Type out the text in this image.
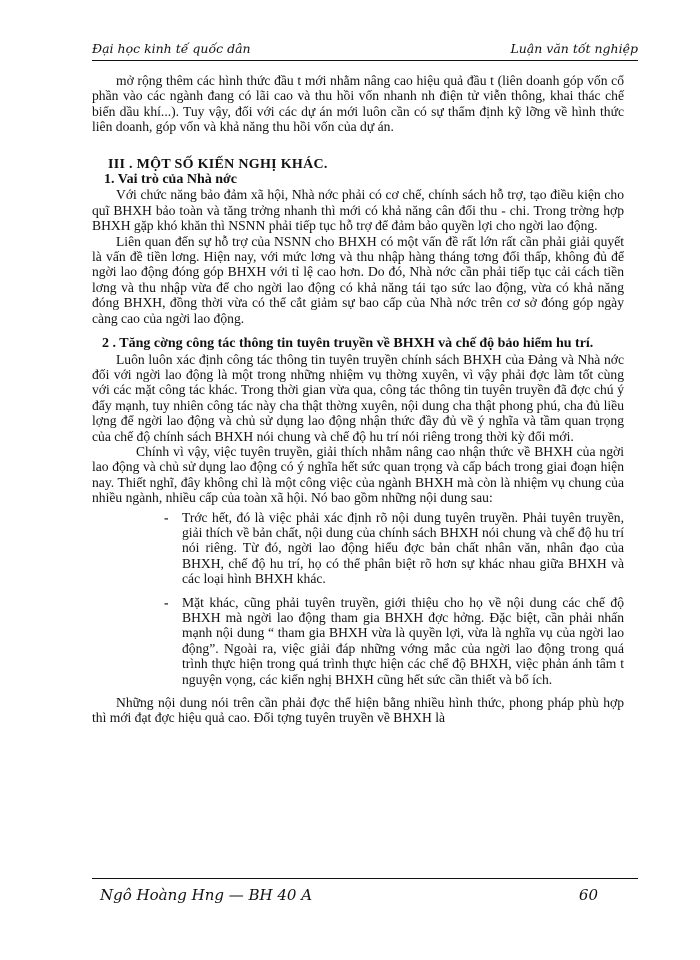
Đại học kinh tế quốc dân	Luận văn tốt nghiệp

mở rộng thêm các hình thức đầu t mới nhằm nâng cao hiệu quả đầu t (liên doanh góp vốn cổ phần vào các ngành đang có lãi cao và thu hồi vốn nhanh nh điện tử viễn thông, khai thác chế biến dầu khí...). Tuy vậy, đối với các dự án mới luôn cần có sự thẩm định kỹ lỡng về hình thức liên doanh, góp vốn và khả năng thu hồi vốn của dự án.

III . MỘT SỐ KIẾN NGHỊ KHÁC.

1. Vai trò của Nhà nớc

Với chức năng bảo đảm xã hội, Nhà nớc phải có cơ chế, chính sách hỗ trợ, tạo điều kiện cho quĩ BHXH bảo toàn và tăng trởng nhanh thì mới có khả năng cân đối thu - chi. Trong trờng hợp BHXH gặp khó khăn thì NSNN phải tiếp tục hỗ trợ để đảm bảo quyền lợi cho ngời lao động.

Liên quan đến sự hỗ trợ của NSNN cho BHXH có một vấn đề rất lớn rất cần phải giải quyết là vấn đề tiền lơng. Hiện nay, với mức lơng và thu nhập hàng tháng tơng đối thấp, không đủ để ngời lao động đóng góp BHXH với tỉ lệ cao hơn. Do đó, Nhà nớc cần phải tiếp tục cải cách tiền lơng và thu nhập vừa để cho ngời lao động có khả năng tái tạo sức lao động, vừa có khả năng đóng BHXH, đồng thời vừa có thể cắt giảm sự bao cấp của Nhà nớc trên cơ sở đóng góp ngày càng cao của ngời lao động.

2 . Tăng cờng công tác thông tin tuyên truyền về BHXH và chế độ bảo hiểm hu trí.

Luôn luôn xác định công tác thông tin tuyên truyền chính sách BHXH của Đảng và Nhà nớc đối với ngời lao động là một trong những nhiệm vụ thờng xuyên, vì vậy phải đợc làm tốt cùng với các mặt công tác khác. Trong thời gian vừa qua, công tác thông tin tuyên truyền đã đợc chú ý đẩy mạnh, tuy nhiên công tác này cha thật thờng xuyên, nội dung cha thật phong phú, cha đủ liều lợng để ngời lao động và chủ sử dụng lao động nhận thức đầy đủ về ý nghĩa và tầm quan trọng của chế độ chính sách BHXH nói chung và chế độ hu trí nói riêng trong thời kỳ đổi mới.

Chính vì vậy, việc tuyên truyền, giải thích nhằm nâng cao nhận thức về BHXH của ngời lao động và chủ sử dụng lao động có ý nghĩa hết sức quan trọng và cấp bách trong giai đoạn hiện nay. Thiết nghĩ, đây không chỉ là một công việc của ngành BHXH mà còn là nhiệm vụ chung của nhiều ngành, nhiều cấp của toàn xã hội. Nó bao gồm những nội dung sau:

- Trớc hết, đó là việc phải xác định rõ nội dung tuyên truyền. Phải tuyên truyền, giải thích về bản chất, nội dung của chính sách BHXH nói chung và chế độ hu trí nói riêng. Từ đó, ngời lao động hiểu đợc bản chất nhân văn, nhân đạo của BHXH, chế độ hu trí, họ có thể phân biệt rõ hơn sự khác nhau giữa BHXH và các loại hình BHXH khác.
- Mặt khác, cũng phải tuyên truyền, giới thiệu cho họ về nội dung các chế độ BHXH mà ngời lao động tham gia BHXH đợc hởng. Đặc biệt, cần phải nhấn mạnh nội dung “ tham gia BHXH vừa là quyền lợi, vừa là nghĩa vụ của ngời lao động”. Ngoài ra, việc giải đáp những vớng mắc của ngời lao động trong quá trình thực hiện trong quá trình thực hiện các chế độ BHXH, việc phản ánh tâm t nguyện vọng, các kiến nghị BHXH cũng hết sức cần thiết và bổ ích.

Những nội dung nói trên cần phải đợc thể hiện bằng nhiều hình thức, phong pháp phù hợp thì mới đạt đợc hiệu quả cao. Đối tợng tuyên truyền về BHXH là

Ngô Hoàng Hng — BH 40 A	60
